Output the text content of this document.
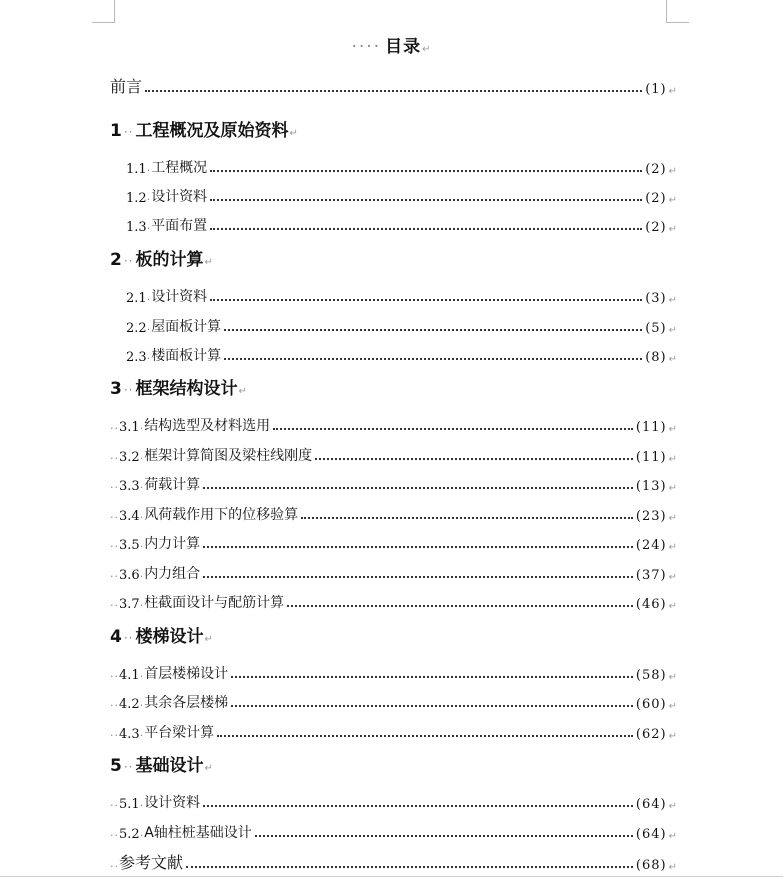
···· 目录↵
前言	(1) ↵
1 ·· 工程概况及原始资料↵
1.1 · 工程概况	(2) ↵
1.2 · 设计资料	(2) ↵
1.3 · 平面布置	(2) ↵
2 ·· 板的计算↵
2.1 · 设计资料	(3) ↵
2.2 · 屋面板计算	(5) ↵
2.3 · 楼面板计算	(8) ↵
3 ·· 框架结构设计↵
·· 3.1 · 结构选型及材料选用	(11) ↵
·· 3.2 · 框架计算简图及梁柱线刚度	(11) ↵
·· 3.3 · 荷载计算	(13) ↵
·· 3.4 · 风荷载作用下的位移验算	(23) ↵
·· 3.5 · 内力计算	(24) ↵
·· 3.6 · 内力组合	(37) ↵
·· 3.7 · 柱截面设计与配筋计算	(46) ↵
4 ·· 楼梯设计↵
·· 4.1 · 首层楼梯设计	(58) ↵
·· 4.2 · 其余各层楼梯	(60) ↵
·· 4.3 · 平台梁计算	(62) ↵
5 ·· 基础设计↵
·· 5.1 · 设计资料	(64) ↵
·· 5.2 · A轴柱桩基础设计	(64) ↵
·· 参考文献	(68) ↵
